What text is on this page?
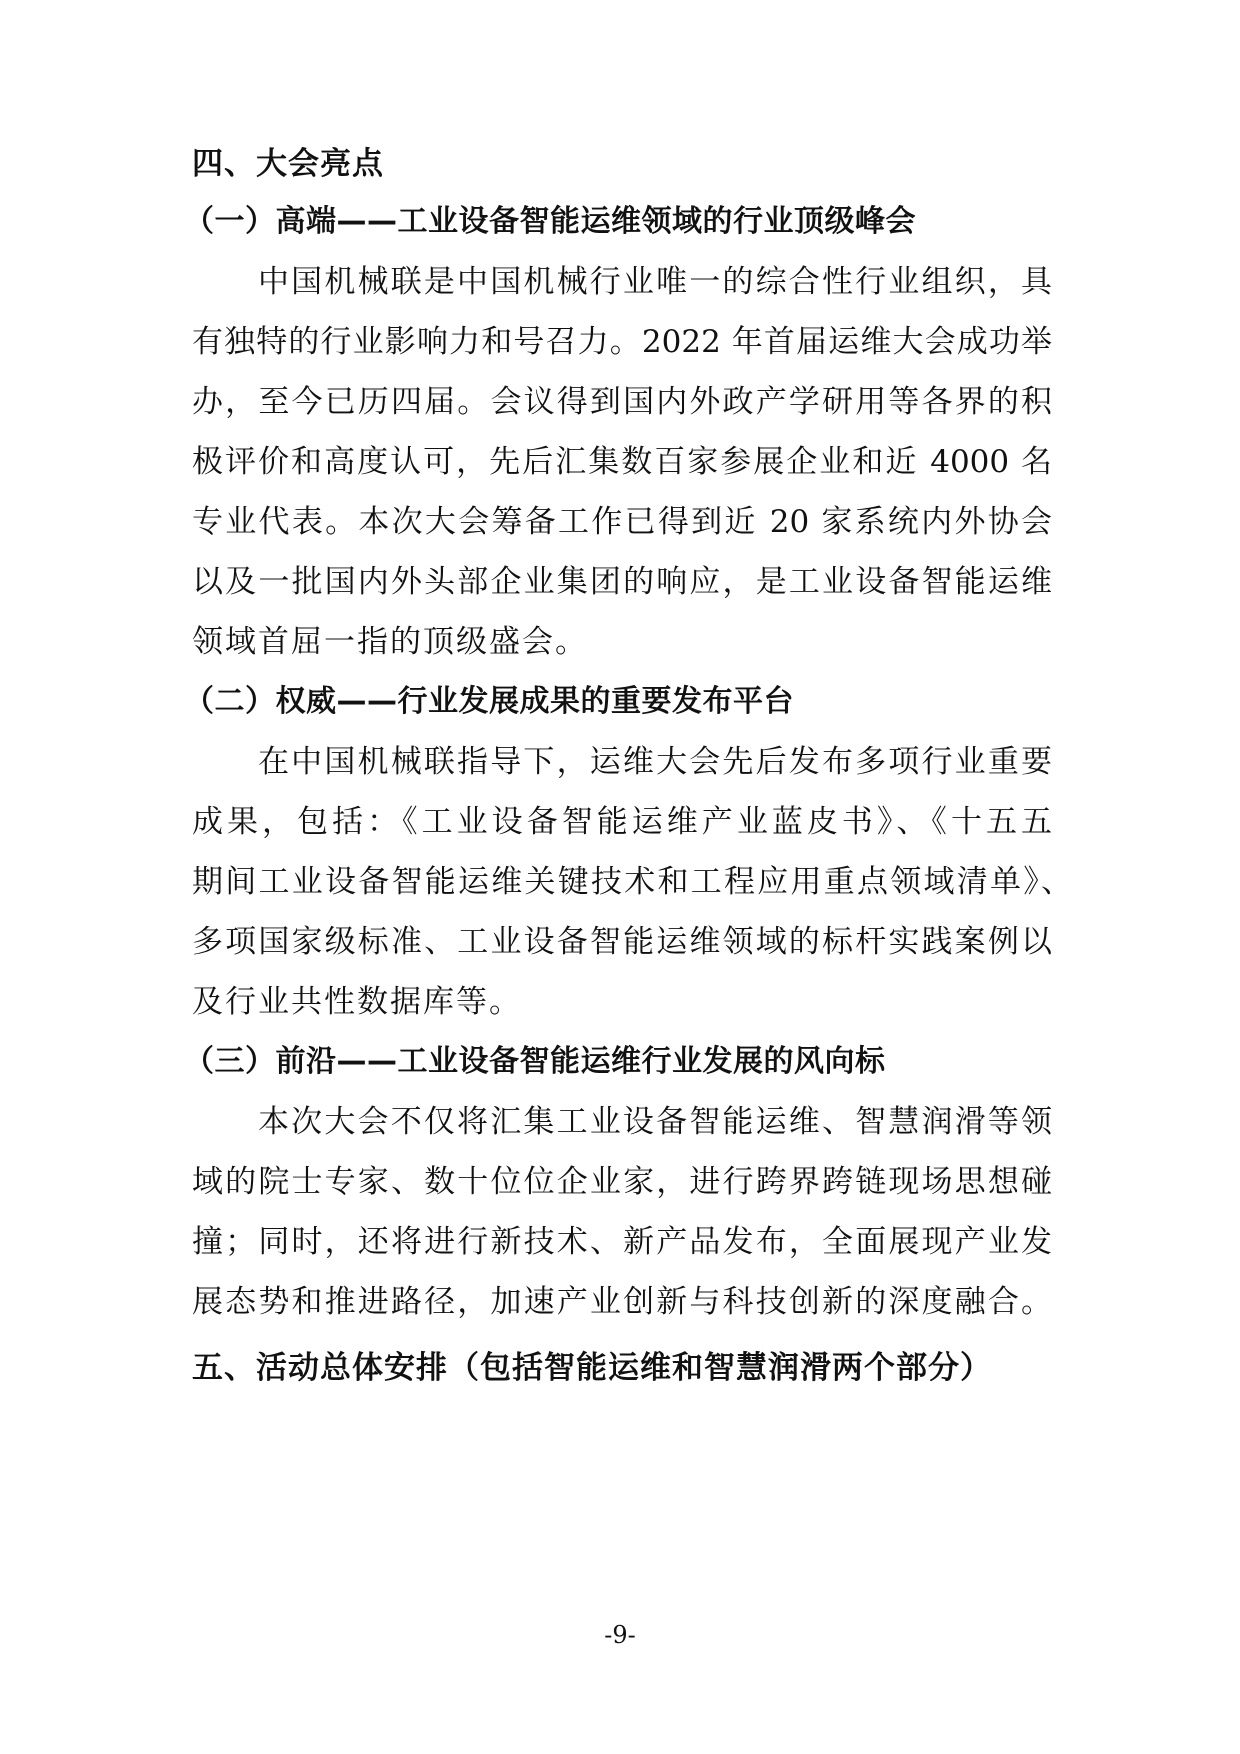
四、大会亮点
（一）高端——工业设备智能运维领域的行业顶级峰会
中国机械联是中国机械行业唯一的综合性行业组织，具
有独特的行业影响力和号召力。2022 年首届运维大会成功举
办，至今已历四届。会议得到国内外政产学研用等各界的积
极评价和高度认可，先后汇集数百家参展企业和近 4000 名
专业代表。本次大会筹备工作已得到近 20 家系统内外协会
以及一批国内外头部企业集团的响应，是工业设备智能运维
领域首屈一指的顶级盛会。
（二）权威——行业发展成果的重要发布平台
在中国机械联指导下，运维大会先后发布多项行业重要
成果，包括：《工业设备智能运维产业蓝皮书》、《十五五
期间工业设备智能运维关键技术和工程应用重点领域清单》、
多项国家级标准、工业设备智能运维领域的标杆实践案例以
及行业共性数据库等。
（三）前沿——工业设备智能运维行业发展的风向标
本次大会不仅将汇集工业设备智能运维、智慧润滑等领
域的院士专家、数十位位企业家，进行跨界跨链现场思想碰
撞；同时，还将进行新技术、新产品发布，全面展现产业发
展态势和推进路径，加速产业创新与科技创新的深度融合。
五、活动总体安排（包括智能运维和智慧润滑两个部分）
-9-
